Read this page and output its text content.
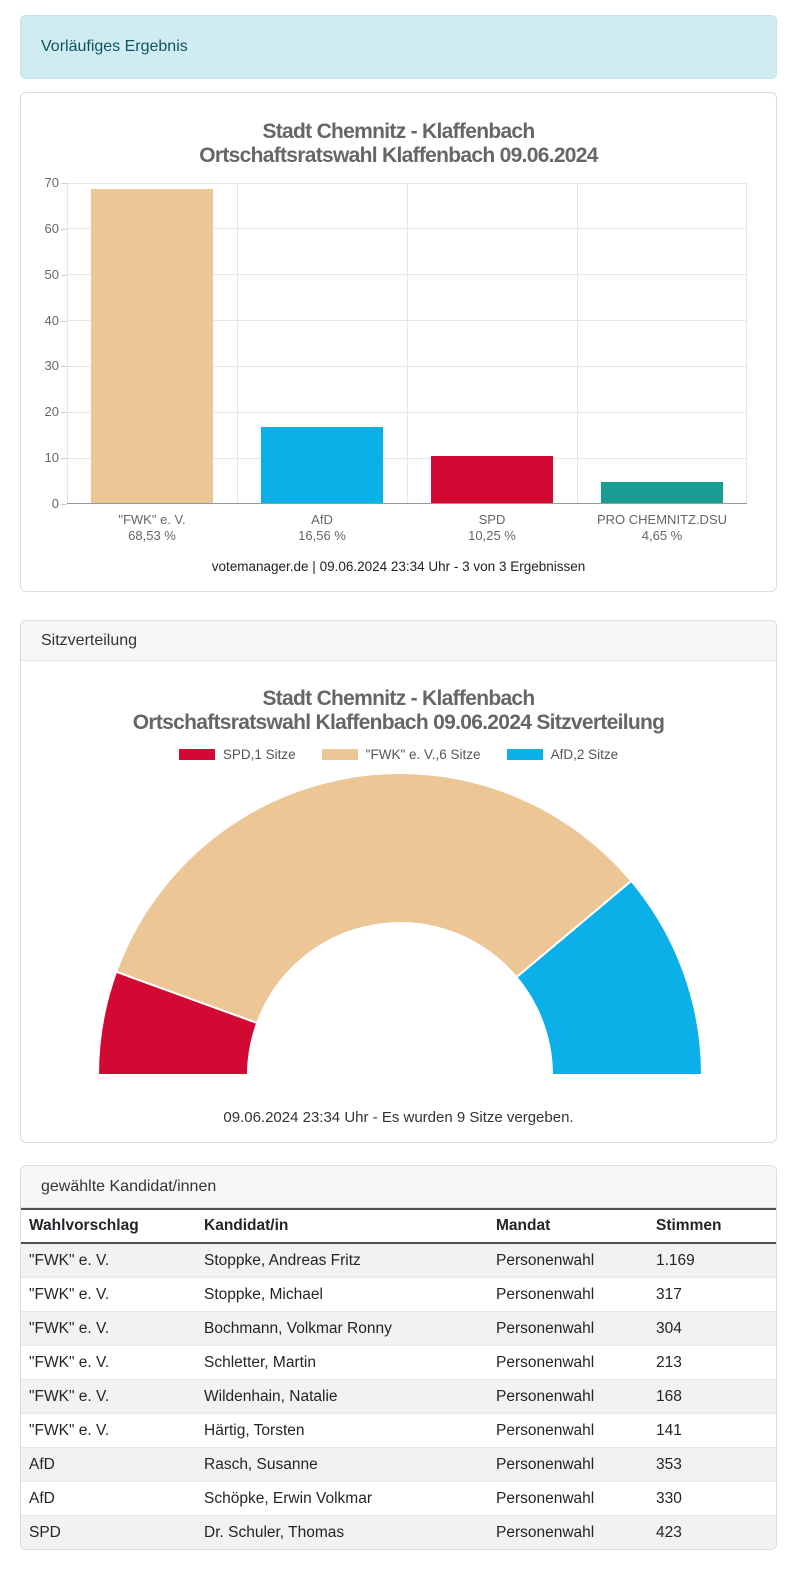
Vorläufiges Ergebnis
Stadt Chemnitz - Klaffenbach
Ortschaftsratswahl Klaffenbach 09.06.2024
votemanager.de | 09.06.2024 23:34 Uhr - 3 von 3 Ergebnissen
0
10
20
30
40
50
60
70
"FWK" e. V.
68,53 %
AfD
16,56 %
SPD
10,25 %
PRO CHEMNITZ.DSU
4,65 %
Sitzverteilung
Stadt Chemnitz - Klaffenbach
Ortschaftsratswahl Klaffenbach 09.06.2024 Sitzverteilung
SPD,1 Sitze	"FWK" e. V.,6 Sitze	AfD,2 Sitze
09.06.2024 23:34 Uhr - Es wurden 9 Sitze vergeben.
gewählte Kandidat/innen
Wahlvorschlag	Kandidat/in	Mandat	Stimmen
"FWK" e. V.	Stoppke, Andreas Fritz	Personenwahl	1.169
"FWK" e. V.	Stoppke, Michael	Personenwahl	317
"FWK" e. V.	Bochmann, Volkmar Ronny	Personenwahl	304
"FWK" e. V.	Schletter, Martin	Personenwahl	213
"FWK" e. V.	Wildenhain, Natalie	Personenwahl	168
"FWK" e. V.	Härtig, Torsten	Personenwahl	141
AfD	Rasch, Susanne	Personenwahl	353
AfD	Schöpke, Erwin Volkmar	Personenwahl	330
SPD	Dr. Schuler, Thomas	Personenwahl	423
